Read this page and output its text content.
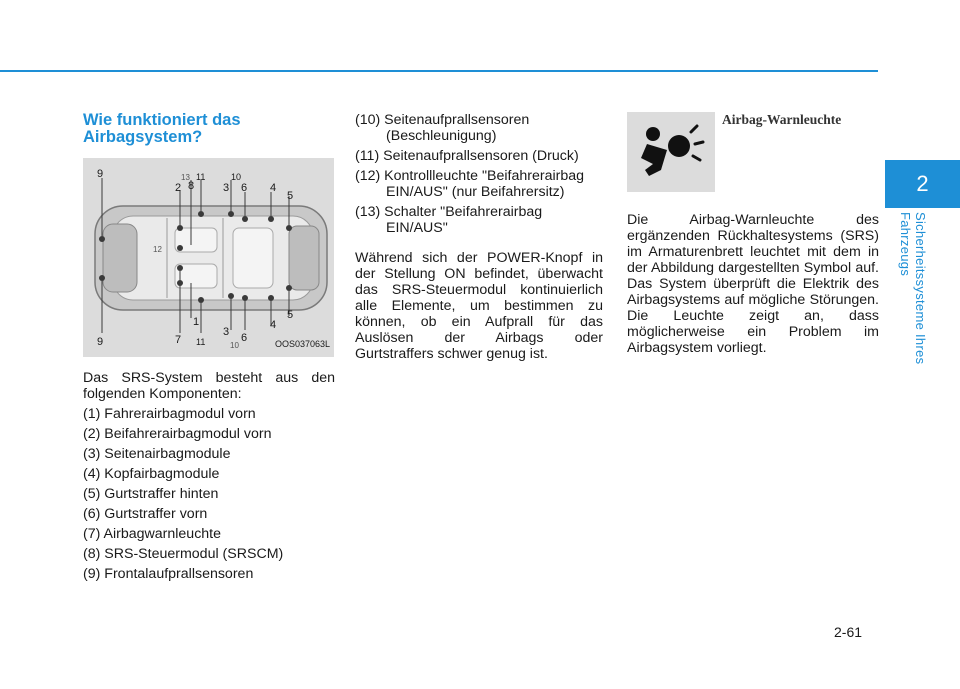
2
Sicherheitssysteme Ihres Fahrzeugs
2-61
Wie funktioniert das Airbagsystem?
9	13 11	10
2 8	3 6 4
5
12
9
1
7 11
3
10
6
4
5
OOS037063L

Das SRS-System besteht aus den folgenden Komponenten:

(1) Fahrerairbagmodul vorn
(2) Beifahrerairbagmodul vorn
(3) Seitenairbagmodule
(4) Kopfairbagmodule
(5) Gurtstraffer hinten
(6) Gurtstraffer vorn
(7) Airbagwarnleuchte
(8) SRS-Steuermodul (SRSCM)
(9) Frontalaufprallsensoren
(10) Seitenaufprallsensoren (Beschleunigung)
(11) Seitenaufprallsensoren (Druck)
(12) Kontrollleuchte "Beifahrerairbag EIN/AUS" (nur Beifahrersitz)
(13) Schalter "Beifahrerairbag EIN/AUS"

Während sich der POWER-Knopf in der Stellung ON befindet, überwacht das SRS-Steuermodul kontinuierlich alle Elemente, um bestimmen zu können, ob ein Aufprall für das Auslösen der Airbags oder Gurtstraffers schwer genug ist.

Airbag-Warnleuchte

Die Airbag-Warnleuchte des ergänzenden Rückhaltesystems (SRS) im Armaturenbrett leuchtet mit dem in der Abbildung dargestellten Symbol auf. Das System überprüft die Elektrik des Airbagsystems auf mögliche Störungen. Die Leuchte zeigt an, dass möglicherweise ein Problem im Airbagsystem vorliegt.
